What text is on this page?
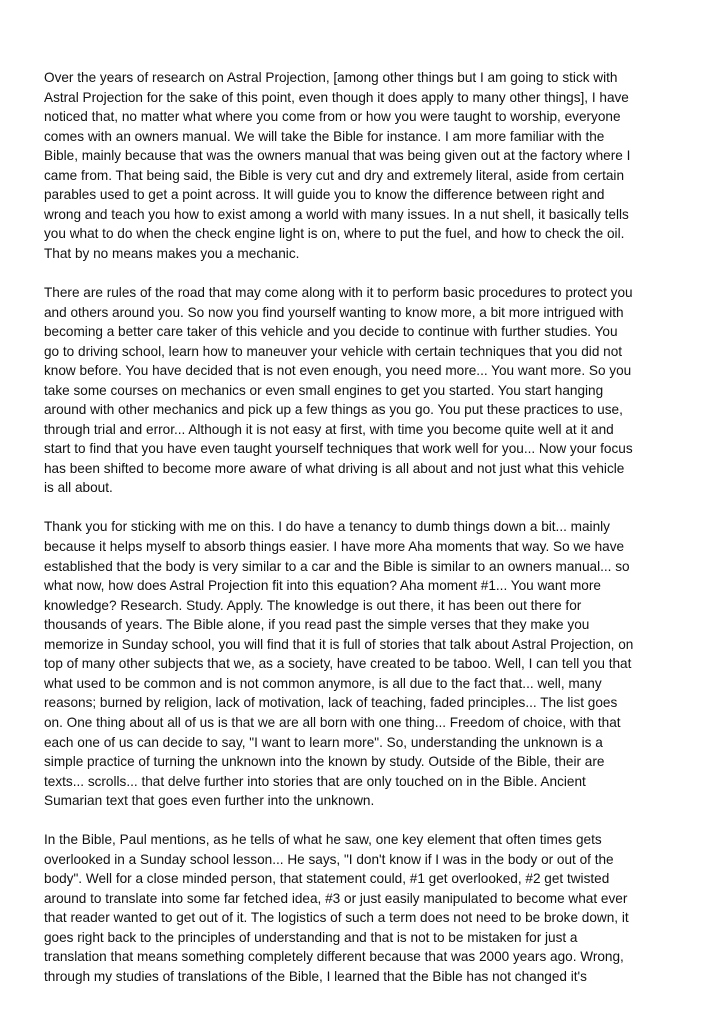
Over the years of research on Astral Projection, [among other things but I am going to stick with
Astral Projection for the sake of this point, even though it does apply to many other things], I have
noticed that, no matter what where you come from or how you were taught to worship, everyone
comes with an owners manual. We will take the Bible for instance. I am more familiar with the
Bible, mainly because that was the owners manual that was being given out at the factory where I
came from. That being said, the Bible is very cut and dry and extremely literal, aside from certain
parables used to get a point across. It will guide you to know the difference between right and
wrong and teach you how to exist among a world with many issues. In a nut shell, it basically tells
you what to do when the check engine light is on, where to put the fuel, and how to check the oil.
That by no means makes you a mechanic.

There are rules of the road that may come along with it to perform basic procedures to protect you
and others around you. So now you find yourself wanting to know more, a bit more intrigued with
becoming a better care taker of this vehicle and you decide to continue with further studies. You
go to driving school, learn how to maneuver your vehicle with certain techniques that you did not
know before. You have decided that is not even enough, you need more... You want more. So you
take some courses on mechanics or even small engines to get you started. You start hanging
around with other mechanics and pick up a few things as you go. You put these practices to use,
through trial and error... Although it is not easy at first, with time you become quite well at it and
start to find that you have even taught yourself techniques that work well for you... Now your focus
has been shifted to become more aware of what driving is all about and not just what this vehicle
is all about.

Thank you for sticking with me on this. I do have a tenancy to dumb things down a bit... mainly
because it helps myself to absorb things easier. I have more Aha moments that way. So we have
established that the body is very similar to a car and the Bible is similar to an owners manual... so
what now, how does Astral Projection fit into this equation? Aha moment #1... You want more
knowledge? Research. Study. Apply. The knowledge is out there, it has been out there for
thousands of years. The Bible alone, if you read past the simple verses that they make you
memorize in Sunday school, you will find that it is full of stories that talk about Astral Projection, on
top of many other subjects that we, as a society, have created to be taboo. Well, I can tell you that
what used to be common and is not common anymore, is all due to the fact that... well, many
reasons; burned by religion, lack of motivation, lack of teaching, faded principles... The list goes
on. One thing about all of us is that we are all born with one thing... Freedom of choice, with that
each one of us can decide to say, "I want to learn more". So, understanding the unknown is a
simple practice of turning the unknown into the known by study. Outside of the Bible, their are
texts... scrolls... that delve further into stories that are only touched on in the Bible. Ancient
Sumarian text that goes even further into the unknown.

In the Bible, Paul mentions, as he tells of what he saw, one key element that often times gets
overlooked in a Sunday school lesson... He says, "I don't know if I was in the body or out of the
body". Well for a close minded person, that statement could, #1 get overlooked, #2 get twisted
around to translate into some far fetched idea, #3 or just easily manipulated to become what ever
that reader wanted to get out of it. The logistics of such a term does not need to be broke down, it
goes right back to the principles of understanding and that is not to be mistaken for just a
translation that means something completely different because that was 2000 years ago. Wrong,
through my studies of translations of the Bible, I learned that the Bible has not changed it's
